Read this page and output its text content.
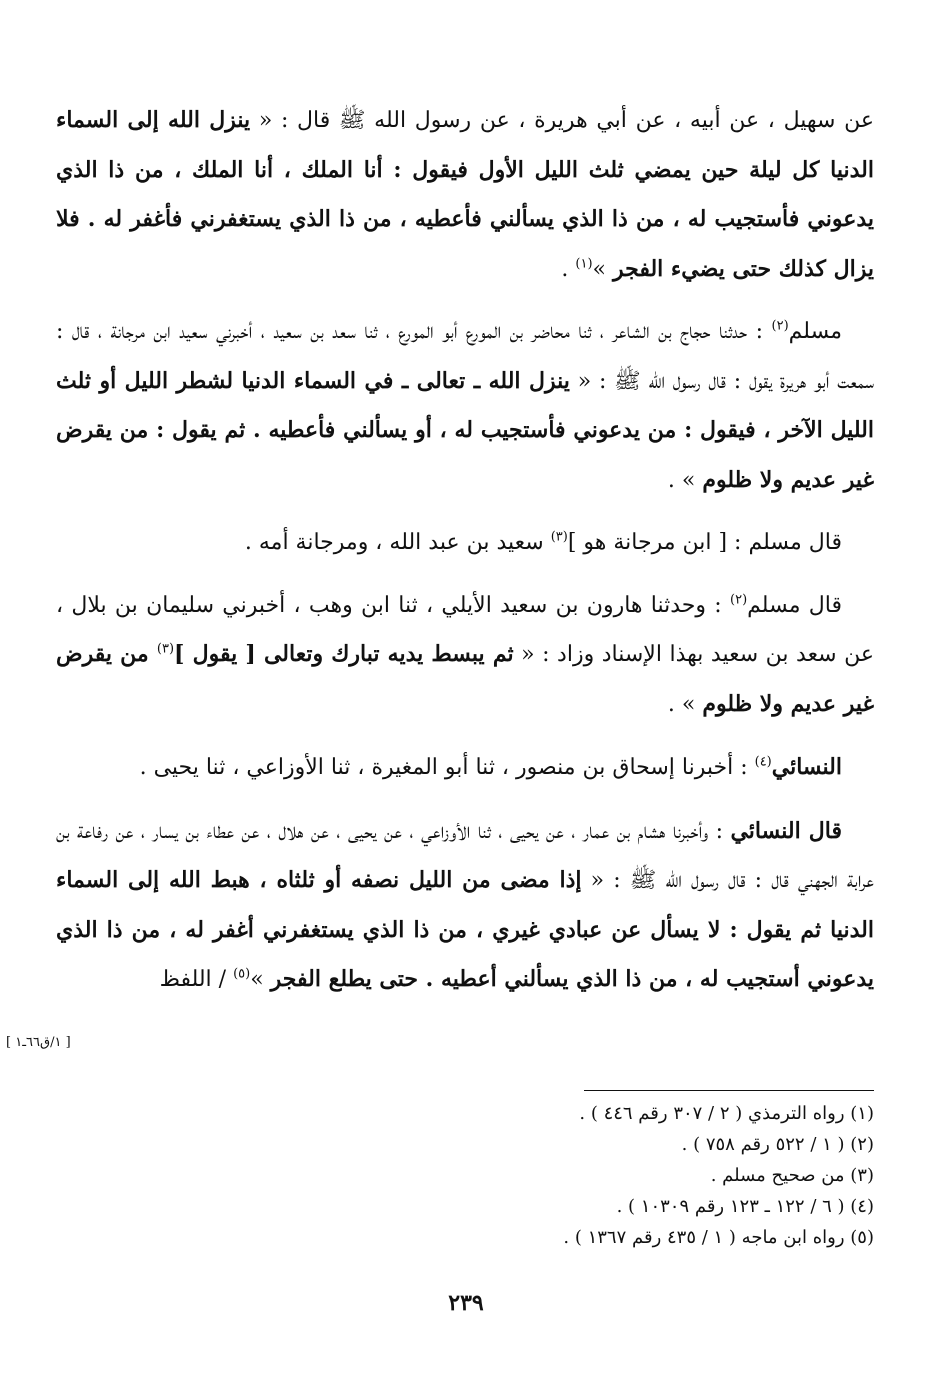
عن سهيل ، عن أبيه ، عن أبي هريرة ، عن رسول الله ﷺ قال : « ينزل الله إلى السماء الدنيا كل ليلة حين يمضي ثلث الليل الأول فيقول : أنا الملك ، أنا الملك ، من ذا الذي يدعوني فأستجيب له ، من ذا الذي يسألني فأعطيه ، من ذا الذي يستغفرني فأغفر له . فلا يزال كذلك حتى يضيء الفجر »$^{(١)}$ .

مسلم$^{(٢)}$ : حدثنا حجاج بن الشاعر ، ثنا محاضر بن المورع أبو المورع ، ثنا سعد بن سعيد ، أخبرني سعيد ابن مرجانة ، قال : سمعت أبو هريرة يقول : قال رسول الله ﷺ : « ينزل الله ـ تعالى ـ في السماء الدنيا لشطر الليل أو ثلث الليل الآخر ، فيقول : من يدعوني فأستجيب له ، أو يسألني فأعطيه . ثم يقول : من يقرض غير عديم ولا ظلوم » .

قال مسلم : [ ابن مرجانة هو ]$^{(٣)}$ سعيد بن عبد الله ، ومرجانة أمه .

قال مسلم$^{(٢)}$ : وحدثنا هارون بن سعيد الأيلي ، ثنا ابن وهب ، أخبرني سليمان بن بلال ، عن سعد بن سعيد بهذا الإسناد وزاد : « ثم يبسط يديه تبارك وتعالى [ يقول ]$^{(٣)}$ من يقرض غير عديم ولا ظلوم » .

النسائي$^{(٤)}$ : أخبرنا إسحاق بن منصور ، ثنا أبو المغيرة ، ثنا الأوزاعي ، ثنا يحيى .

قال النسائي : وأخبرنا هشام بن عمار ، عن يحيى ، ثنا الأوزاعي ، عن يحيى ، عن هلال ، عن عطاء بن يسار ، عن رفاعة بن عرابة الجهني قال : قال رسول الله ﷺ : « إذا مضى من الليل نصفه أو ثلثاه ، هبط الله إلى السماء الدنيا ثم يقول : لا يسأل عن عبادي غيري ، من ذا الذي يستغفرني أغفر له ، من ذا الذي يدعوني أستجيب له ، من ذا الذي يسألني أعطيه . حتى يطلع الفجر »$^{(٥)}$ / اللفظ

[ ١/ق٦٦ـ١ ]

(١) رواه الترمذي ( ٢ / ٣٠٧ رقم ٤٤٦ ) .

(٢) ( ١ / ٥٢٢ رقم ٧٥٨ ) .

(٣) من صحيح مسلم .

(٤) ( ٦ / ١٢٢ ـ ١٢٣ رقم ١٠٣٠٩ ) .

(٥) رواه ابن ماجه ( ١ / ٤٣٥ رقم ١٣٦٧ ) .

٢٣٩
